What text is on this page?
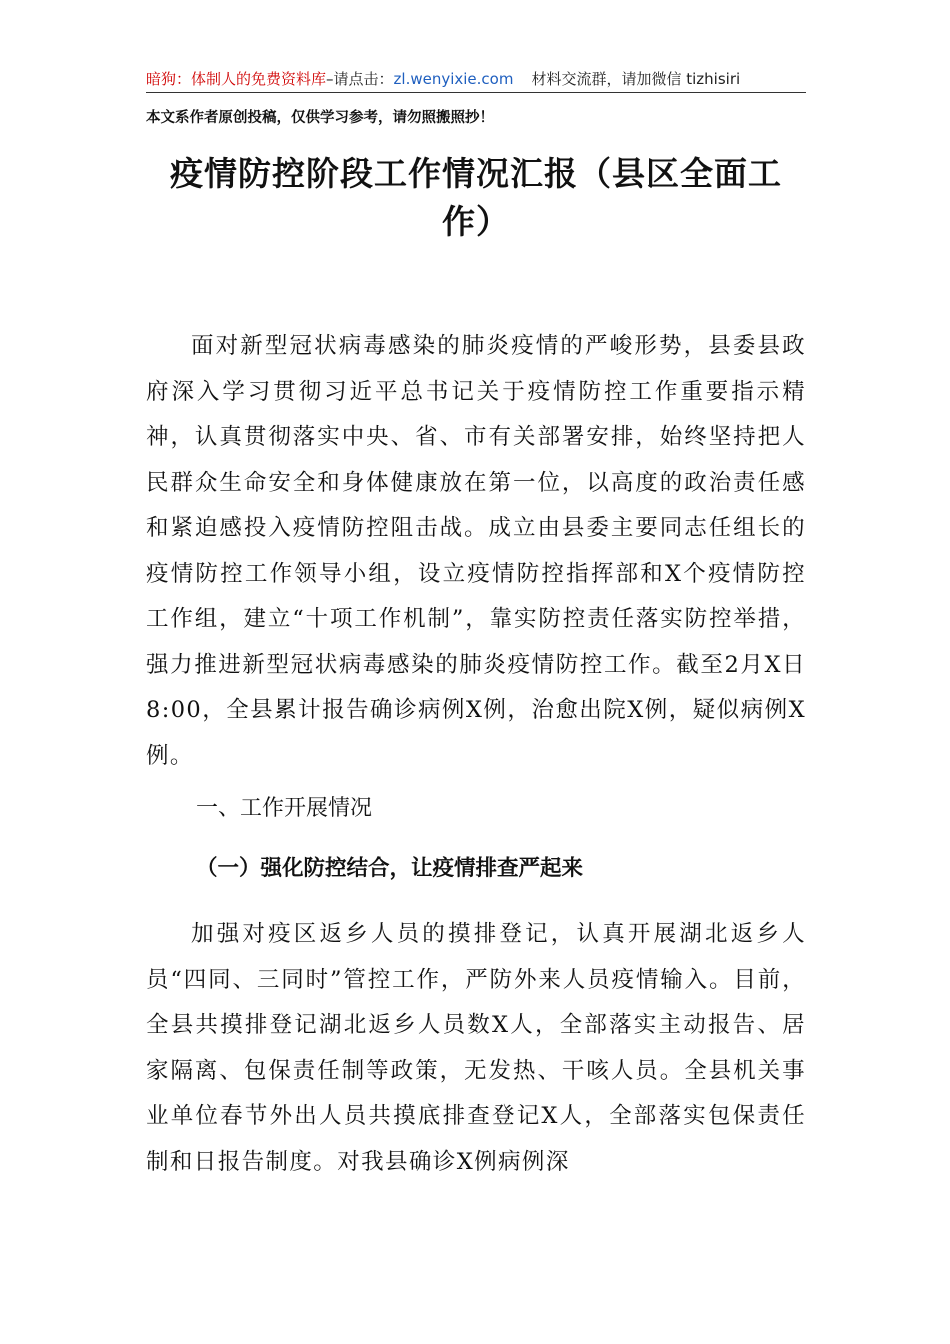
暗狗：体制人的免费资料库–请点击：zl.wenyixie.com 材料交流群，请加微信 tizhisiri
本文系作者原创投稿，仅供学习参考，请勿照搬照抄！
疫情防控阶段工作情况汇报（县区全面工作）
面对新型冠状病毒感染的肺炎疫情的严峻形势，县委县政府深入学习贯彻习近平总书记关于疫情防控工作重要指示精神，认真贯彻落实中央、省、市有关部署安排，始终坚持把人民群众生命安全和身体健康放在第一位，以高度的政治责任感和紧迫感投入疫情防控阻击战。成立由县委主要同志任组长的疫情防控工作领导小组，设立疫情防控指挥部和X个疫情防控工作组，建立“十项工作机制”，靠实防控责任落实防控举措，强力推进新型冠状病毒感染的肺炎疫情防控工作。截至2月X日8:00，全县累计报告确诊病例X例，治愈出院X例，疑似病例X例。
一、工作开展情况
（一）强化防控结合，让疫情排查严起来
加强对疫区返乡人员的摸排登记，认真开展湖北返乡人员“四同、三同时”管控工作，严防外来人员疫情输入。目前，全县共摸排登记湖北返乡人员数X人，全部落实主动报告、居家隔离、包保责任制等政策，无发热、干咳人员。全县机关事业单位春节外出人员共摸底排查登记X人，全部落实包保责任制和日报告制度。对我县确诊X例病例深
